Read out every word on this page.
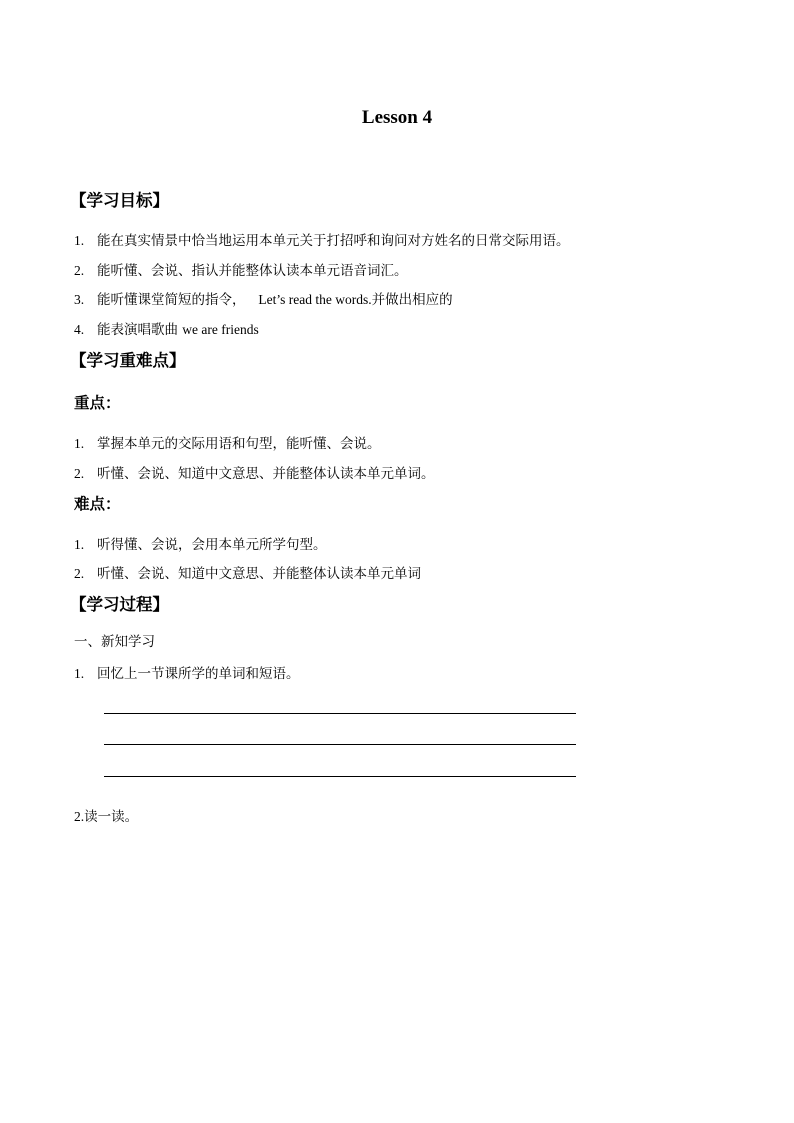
Lesson 4
【学习目标】
1. 能在真实情景中恰当地运用本单元关于打招呼和询问对方姓名的日常交际用语。
2. 能听懂、会说、指认并能整体认读本单元语音词汇。
3. 能听懂课堂简短的指令， Let’s read the words.并做出相应的
4. 能表演唱歌曲 we are friends
【学习重难点】
重点：
1. 掌握本单元的交际用语和句型，能听懂、会说。
2. 听懂、会说、知道中文意思、并能整体认读本单元单词。
难点：
1. 听得懂、会说，会用本单元所学句型。
2. 听懂、会说、知道中文意思、并能整体认读本单元单词
【学习过程】
一、新知学习
1. 回忆上一节课所学的单词和短语。
2.读一读。
